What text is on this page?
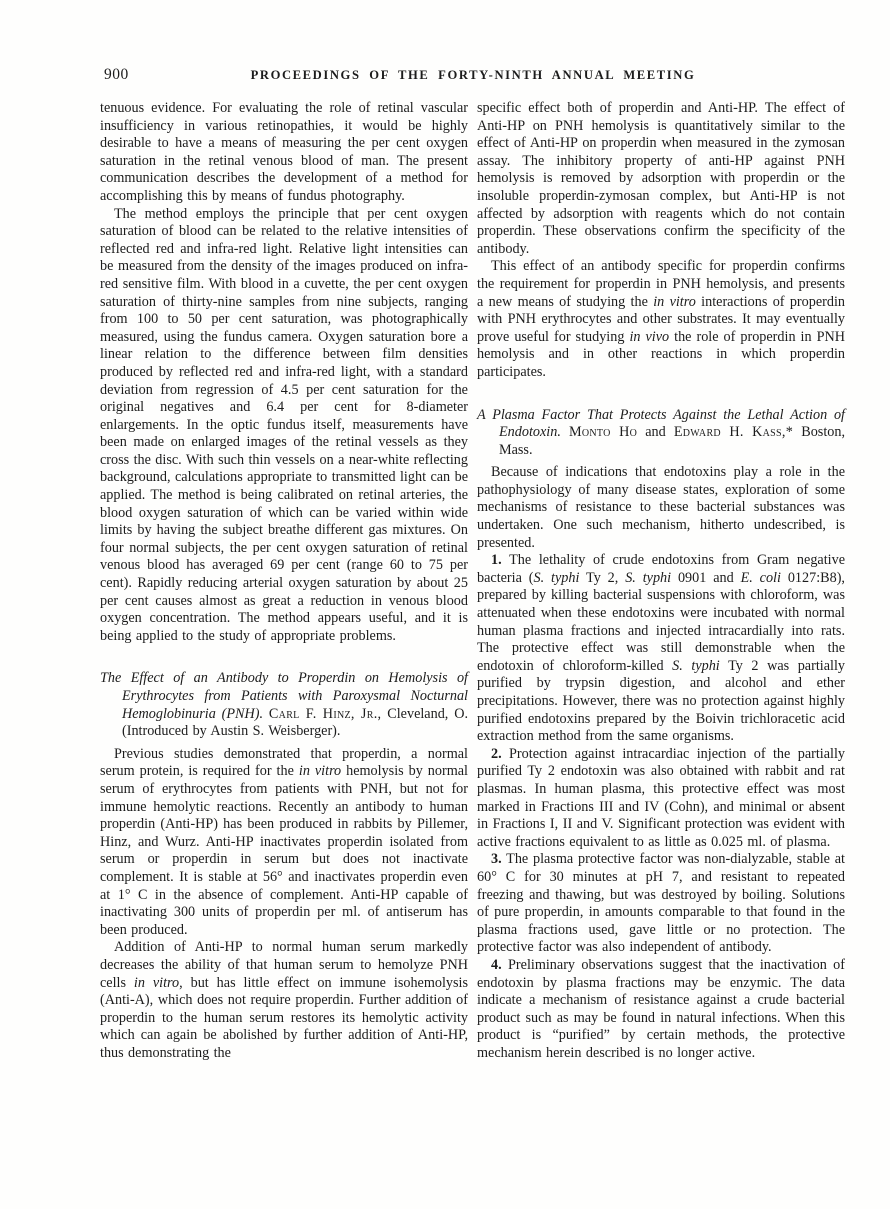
900	PROCEEDINGS OF THE FORTY-NINTH ANNUAL MEETING

tenuous evidence. For evaluating the role of retinal vascular insufficiency in various retinopathies, it would be highly desirable to have a means of measuring the per cent oxygen saturation in the retinal venous blood of man. The present communication describes the development of a method for accomplishing this by means of fundus photography.

The method employs the principle that per cent oxygen saturation of blood can be related to the relative intensities of reflected red and infra-red light. Relative light intensities can be measured from the density of the images produced on infra-red sensitive film. With blood in a cuvette, the per cent oxygen saturation of thirty-nine samples from nine subjects, ranging from 100 to 50 per cent saturation, was photographically measured, using the fundus camera. Oxygen saturation bore a linear relation to the difference between film densities produced by reflected red and infra-red light, with a standard deviation from regression of 4.5 per cent saturation for the original negatives and 6.4 per cent for 8-diameter enlargements. In the optic fundus itself, measurements have been made on enlarged images of the retinal vessels as they cross the disc. With such thin vessels on a near-white reflecting background, calculations appropriate to transmitted light can be applied. The method is being calibrated on retinal arteries, the blood oxygen saturation of which can be varied within wide limits by having the subject breathe different gas mixtures. On four normal subjects, the per cent oxygen saturation of retinal venous blood has averaged 69 per cent (range 60 to 75 per cent). Rapidly reducing arterial oxygen saturation by about 25 per cent causes almost as great a reduction in venous blood oxygen concentration. The method appears useful, and it is being applied to the study of appropriate problems.

The Effect of an Antibody to Properdin on Hemolysis of Erythrocytes from Patients with Paroxysmal Nocturnal Hemoglobinuria (PNH). Carl F. Hinz, Jr., Cleveland, O. (Introduced by Austin S. Weisberger).

Previous studies demonstrated that properdin, a normal serum protein, is required for the in vitro hemolysis by normal serum of erythrocytes from patients with PNH, but not for immune hemolytic reactions. Recently an antibody to human properdin (Anti-HP) has been produced in rabbits by Pillemer, Hinz, and Wurz. Anti-HP inactivates properdin isolated from serum or properdin in serum but does not inactivate complement. It is stable at 56° and inactivates properdin even at 1° C in the absence of complement. Anti-HP capable of inactivating 300 units of properdin per ml. of antiserum has been produced.

Addition of Anti-HP to normal human serum markedly decreases the ability of that human serum to hemolyze PNH cells in vitro, but has little effect on immune isohemolysis (Anti-A), which does not require properdin. Further addition of properdin to the human serum restores its hemolytic activity which can again be abolished by further addition of Anti-HP, thus demonstrating the

specific effect both of properdin and Anti-HP. The effect of Anti-HP on PNH hemolysis is quantitatively similar to the effect of Anti-HP on properdin when measured in the zymosan assay. The inhibitory property of anti-HP against PNH hemolysis is removed by adsorption with properdin or the insoluble properdin-zymosan complex, but Anti-HP is not affected by adsorption with reagents which do not contain properdin. These observations confirm the specificity of the antibody.

This effect of an antibody specific for properdin confirms the requirement for properdin in PNH hemolysis, and presents a new means of studying the in vitro interactions of properdin with PNH erythrocytes and other substrates. It may eventually prove useful for studying in vivo the role of properdin in PNH hemolysis and in other reactions in which properdin participates.

A Plasma Factor That Protects Against the Lethal Action of Endotoxin. Monto Ho and Edward H. Kass,* Boston, Mass.

Because of indications that endotoxins play a role in the pathophysiology of many disease states, exploration of some mechanisms of resistance to these bacterial substances was undertaken. One such mechanism, hitherto undescribed, is presented.

1. The lethality of crude endotoxins from Gram negative bacteria (S. typhi Ty 2, S. typhi 0901 and E. coli 0127:B8), prepared by killing bacterial suspensions with chloroform, was attenuated when these endotoxins were incubated with normal human plasma fractions and injected intracardially into rats. The protective effect was still demonstrable when the endotoxin of chloroform-killed S. typhi Ty 2 was partially purified by trypsin digestion, and alcohol and ether precipitations. However, there was no protection against highly purified endotoxins prepared by the Boivin trichloracetic acid extraction method from the same organisms.

2. Protection against intracardiac injection of the partially purified Ty 2 endotoxin was also obtained with rabbit and rat plasmas. In human plasma, this protective effect was most marked in Fractions III and IV (Cohn), and minimal or absent in Fractions I, II and V. Significant protection was evident with active fractions equivalent to as little as 0.025 ml. of plasma.

3. The plasma protective factor was non-dialyzable, stable at 60° C for 30 minutes at pH 7, and resistant to repeated freezing and thawing, but was destroyed by boiling. Solutions of pure properdin, in amounts comparable to that found in the plasma fractions used, gave little or no protection. The protective factor was also independent of antibody.

4. Preliminary observations suggest that the inactivation of endotoxin by plasma fractions may be enzymic. The data indicate a mechanism of resistance against a crude bacterial product such as may be found in natural infections. When this product is “purified” by certain methods, the protective mechanism herein described is no longer active.
